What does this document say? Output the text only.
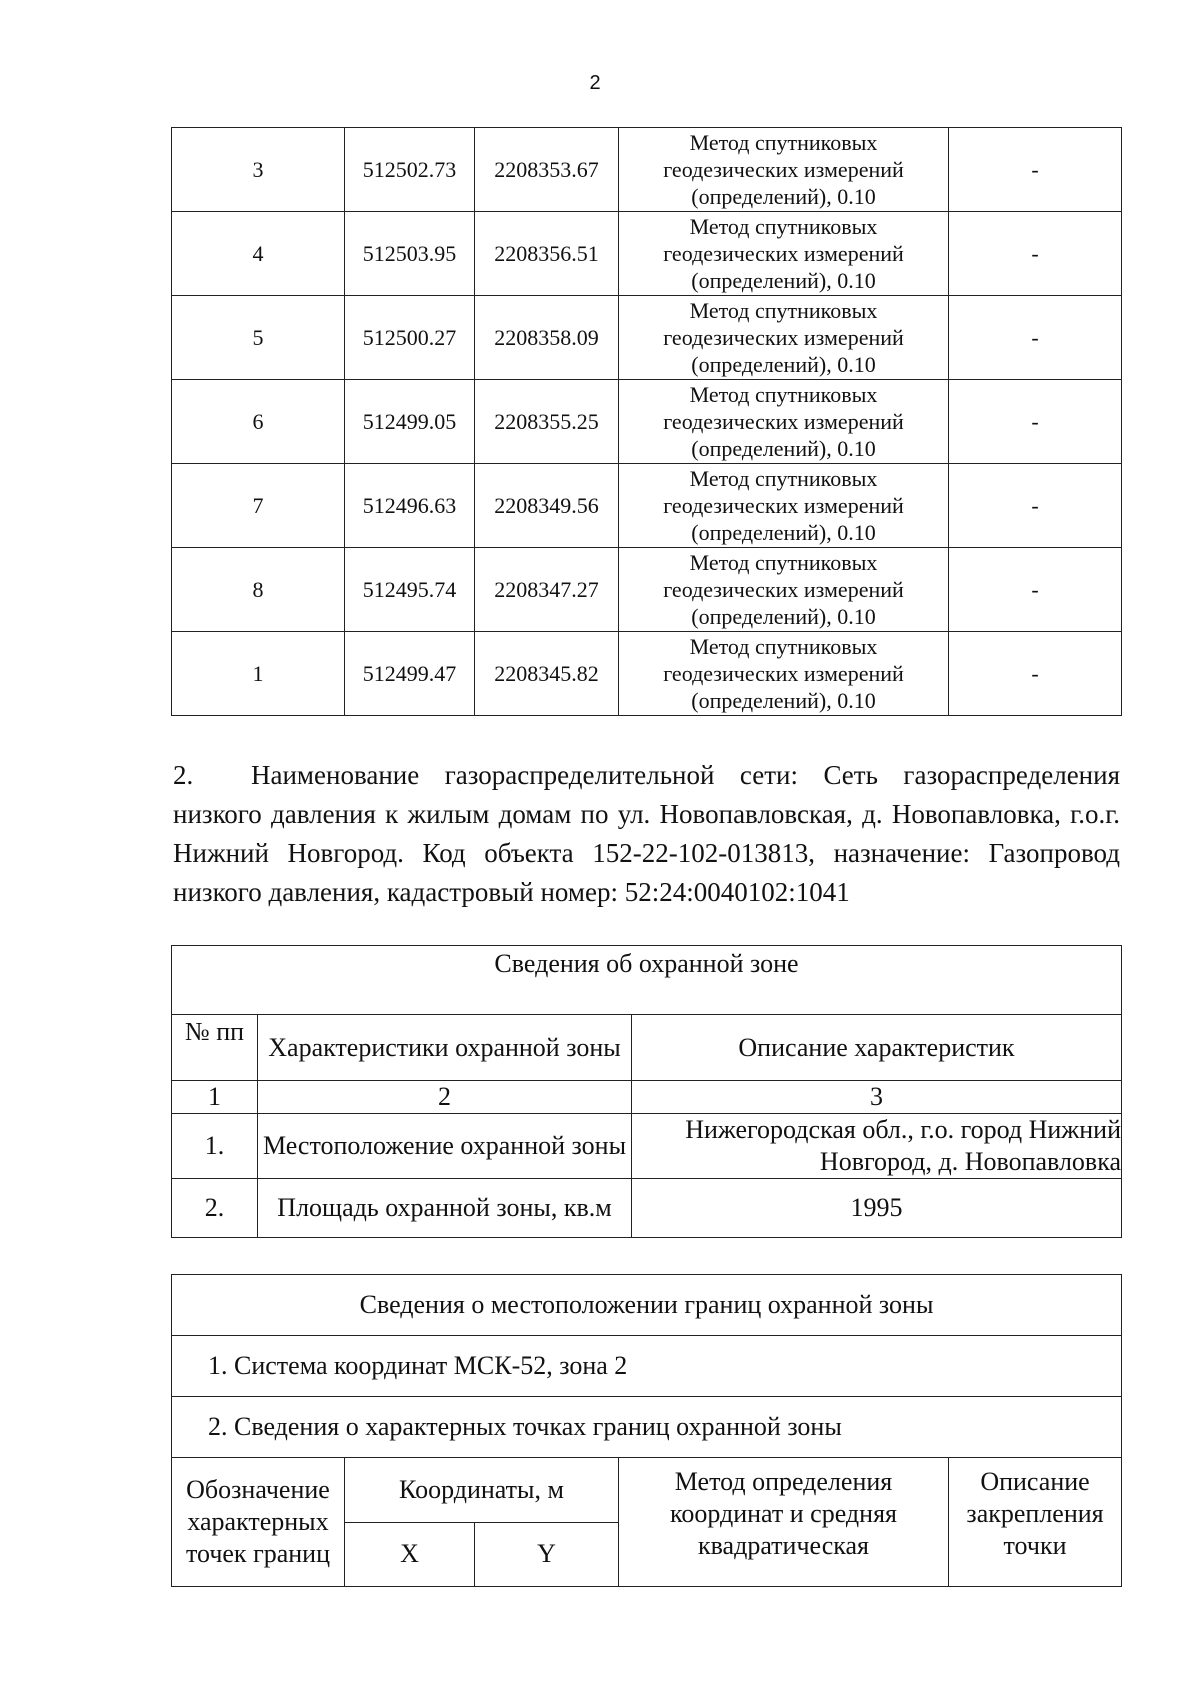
2
3	512502.73	2208353.67	Метод спутниковых
геодезических измерений
(определений), 0.10	-
4	512503.95	2208356.51	Метод спутниковых
геодезических измерений
(определений), 0.10	-
5	512500.27	2208358.09	Метод спутниковых
геодезических измерений
(определений), 0.10	-
6	512499.05	2208355.25	Метод спутниковых
геодезических измерений
(определений), 0.10	-
7	512496.63	2208349.56	Метод спутниковых
геодезических измерений
(определений), 0.10	-
8	512495.74	2208347.27	Метод спутниковых
геодезических измерений
(определений), 0.10	-
1	512499.47	2208345.82	Метод спутниковых
геодезических измерений
(определений), 0.10	-
2. Наименование газораспределительной сети: Сеть газораспределения низкого давления к жилым домам по ул. Новопавловская, д. Новопавловка, г.о.г. Нижний Новгород. Код объекта 152-22-102-013813, назначение: Газопровод низкого давления, кадастровый номер: 52:24:0040102:1041
Сведения об охранной зоне		
№ пп	Характеристики охранной зоны	Описание характеристик
1	2	3
1.	Местоположение охранной зоны	Нижегородская обл., г.о. город Нижний Новгород, д. Новопавловка
2.	Площадь охранной зоны, кв.м	1995
Сведения о местоположении границ охранной зоны				
1. Система координат МСК-52, зона 2				
2. Сведения о характерных точках границ охранной зоны				
Обозначение характерных точек границ	Координаты, м		Метод определения координат и средняя квадратическая	Описание закрепления точки
	X	Y		
